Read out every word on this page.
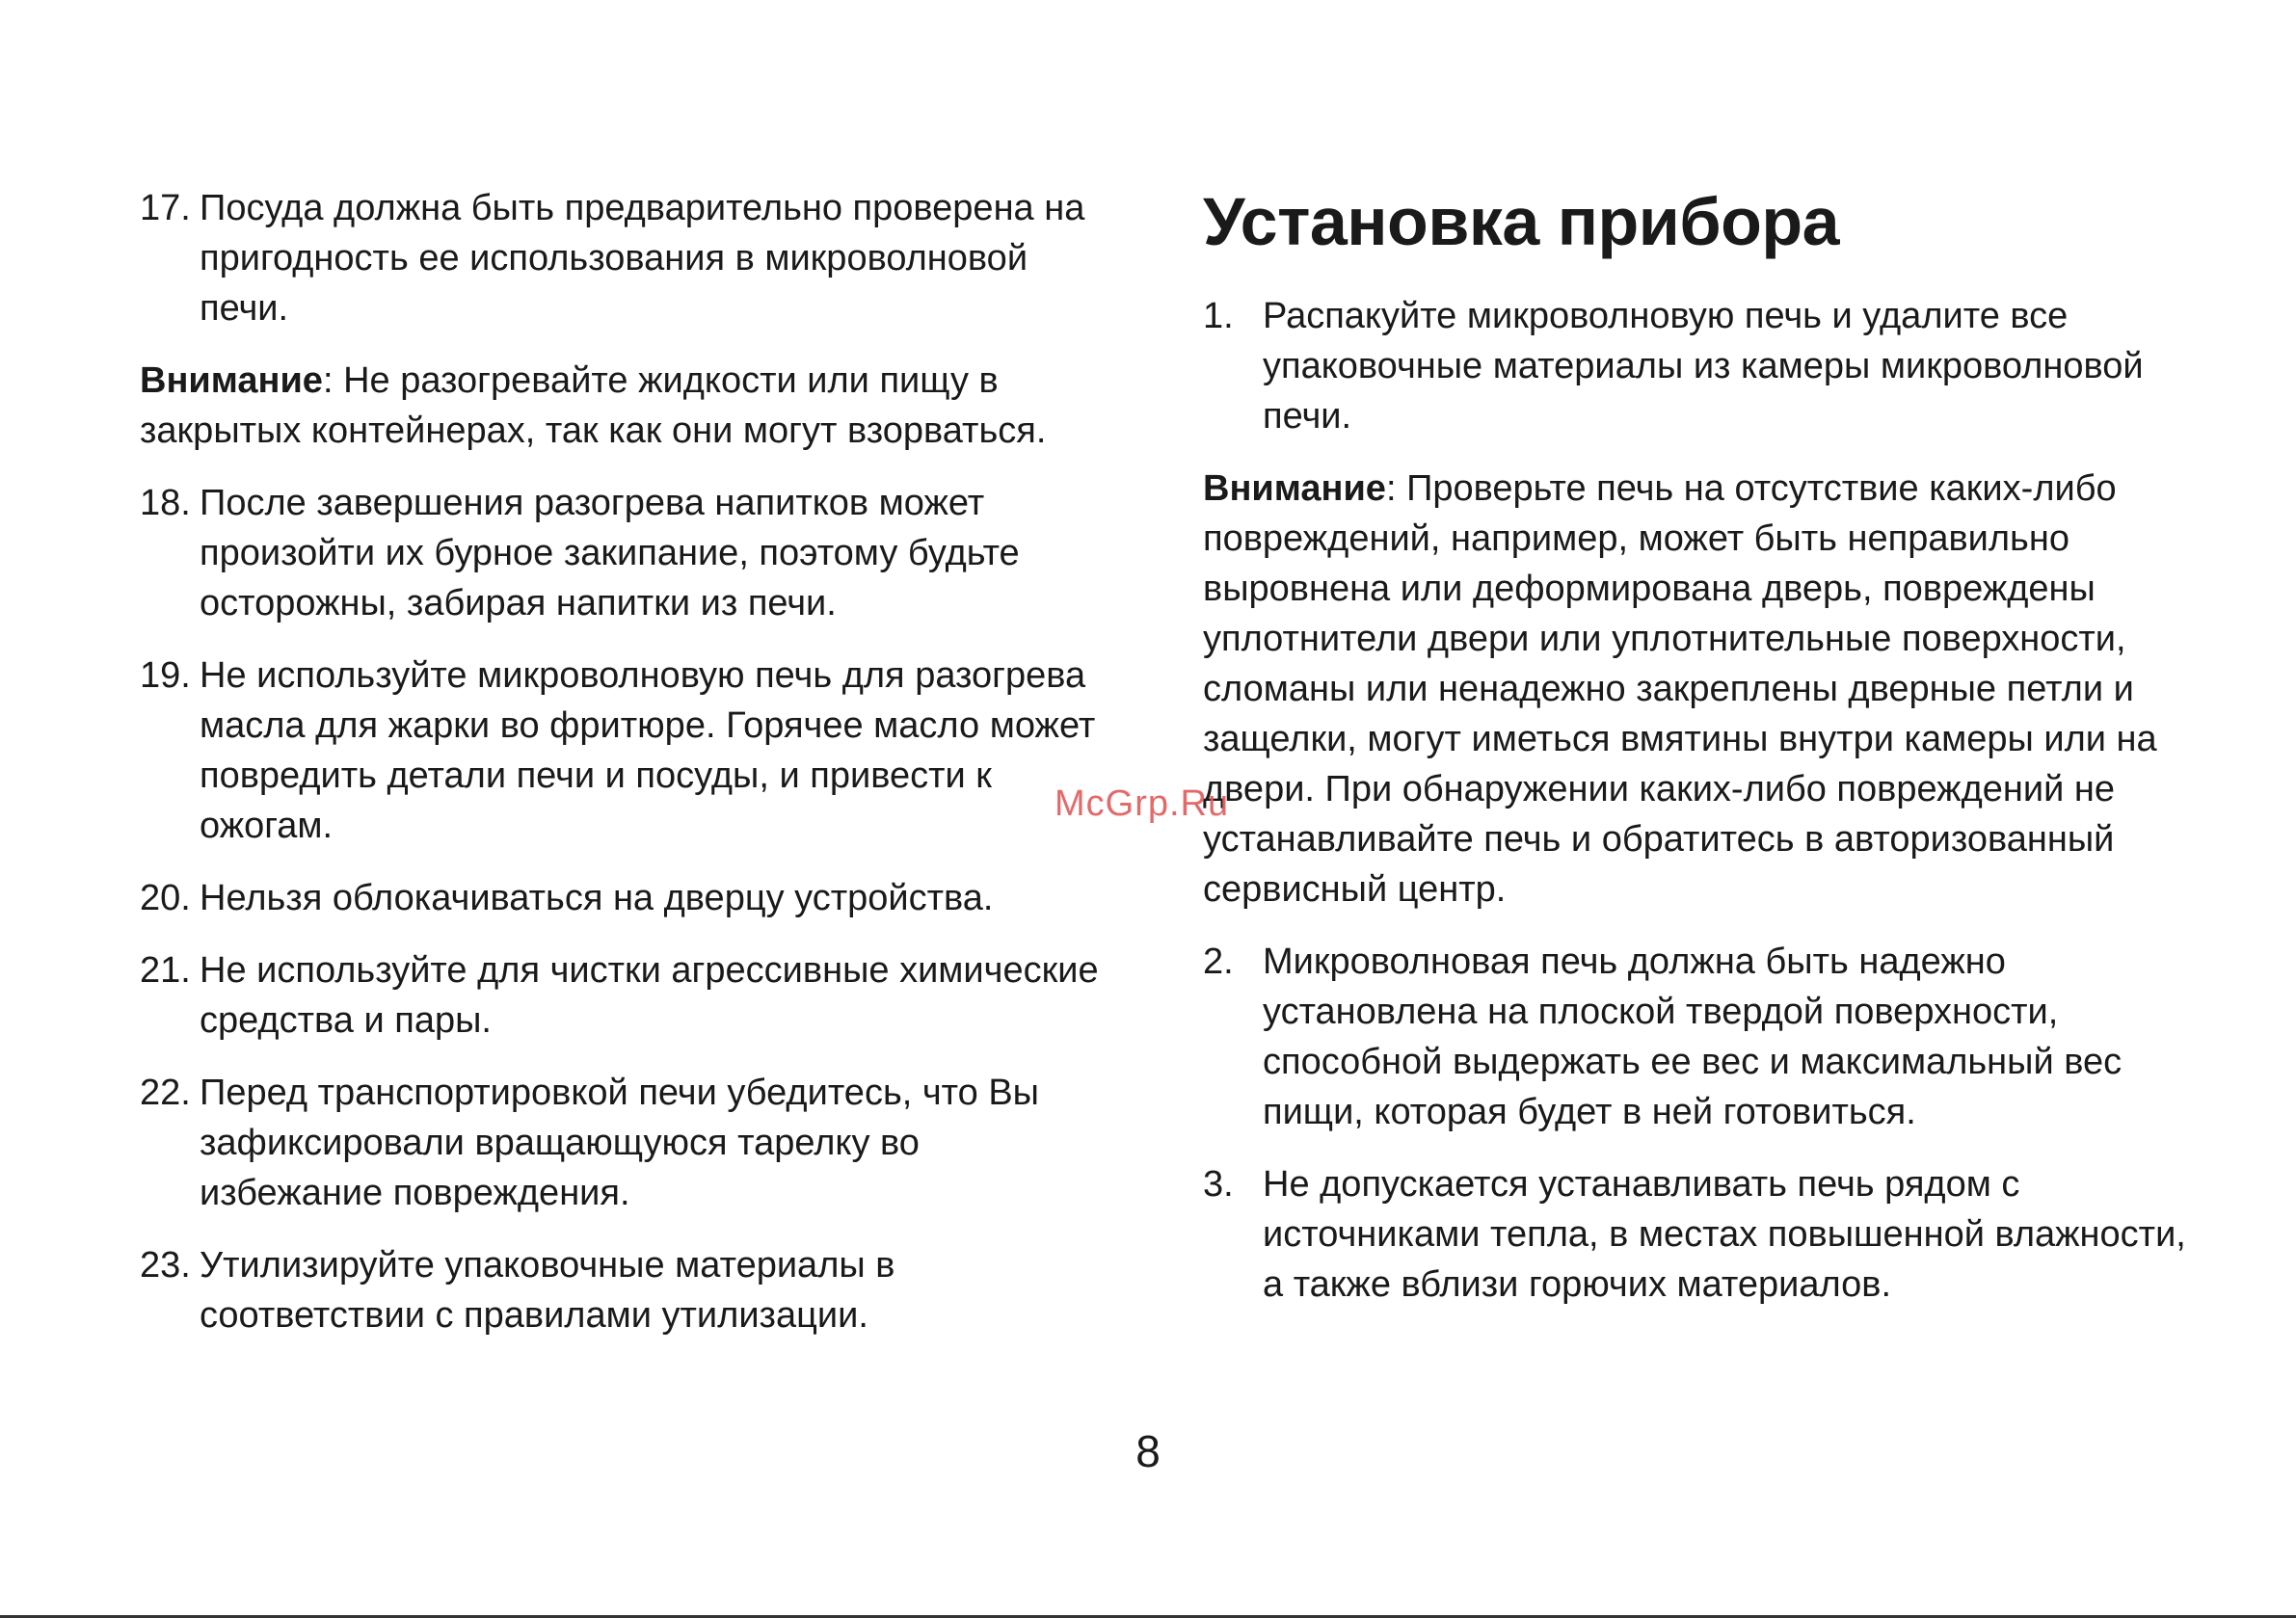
17. Посуда должна быть предварительно проверена на пригодность ее использования в микроволновой печи.

Внимание: Не разогревайте жидкости или пищу в закрытых контейнерах, так как они могут взорваться.

18. После завершения разогрева напитков может произойти их бурное закипание, поэтому будьте осторожны, забирая напитки из печи.
19. Не используйте микроволновую печь для разогрева масла для жарки во фритюре. Горячее масло может повредить детали печи и посуды, и привести к ожогам.
20. Нельзя облокачиваться на дверцу устройства.
21. Не используйте для чистки агрессивные химические средства и пары.
22. Перед транспортировкой печи убедитесь, что Вы зафиксировали вращающуюся тарелку во избежание повреждения.
23. Утилизируйте упаковочные материалы в соответствии с правилами утилизации.
Установка прибора
1. Распакуйте микроволновую печь и удалите все упаковочные материалы из камеры микроволновой печи.

Внимание: Проверьте печь на отсутствие каких-либо повреждений, например, может быть неправильно выровнена или деформирована дверь, повреждены уплотнители двери или уплотнительные поверхности, сломаны или ненадежно закреплены дверные петли и защелки, могут иметься вмятины внутри камеры или на двери. При обнаружении каких-либо повреждений не устанавливайте печь и обратитесь в авторизованный сервисный центр.

2. Микроволновая печь должна быть надежно установлена на плоской твердой поверхности, способной выдержать ее вес и максимальный вес пищи, которая будет в ней готовиться.
3. Не допускается устанавливать печь рядом с источниками тепла, в местах повышенной влажности, а также вблизи горючих материалов.
McGrp.Ru
8
